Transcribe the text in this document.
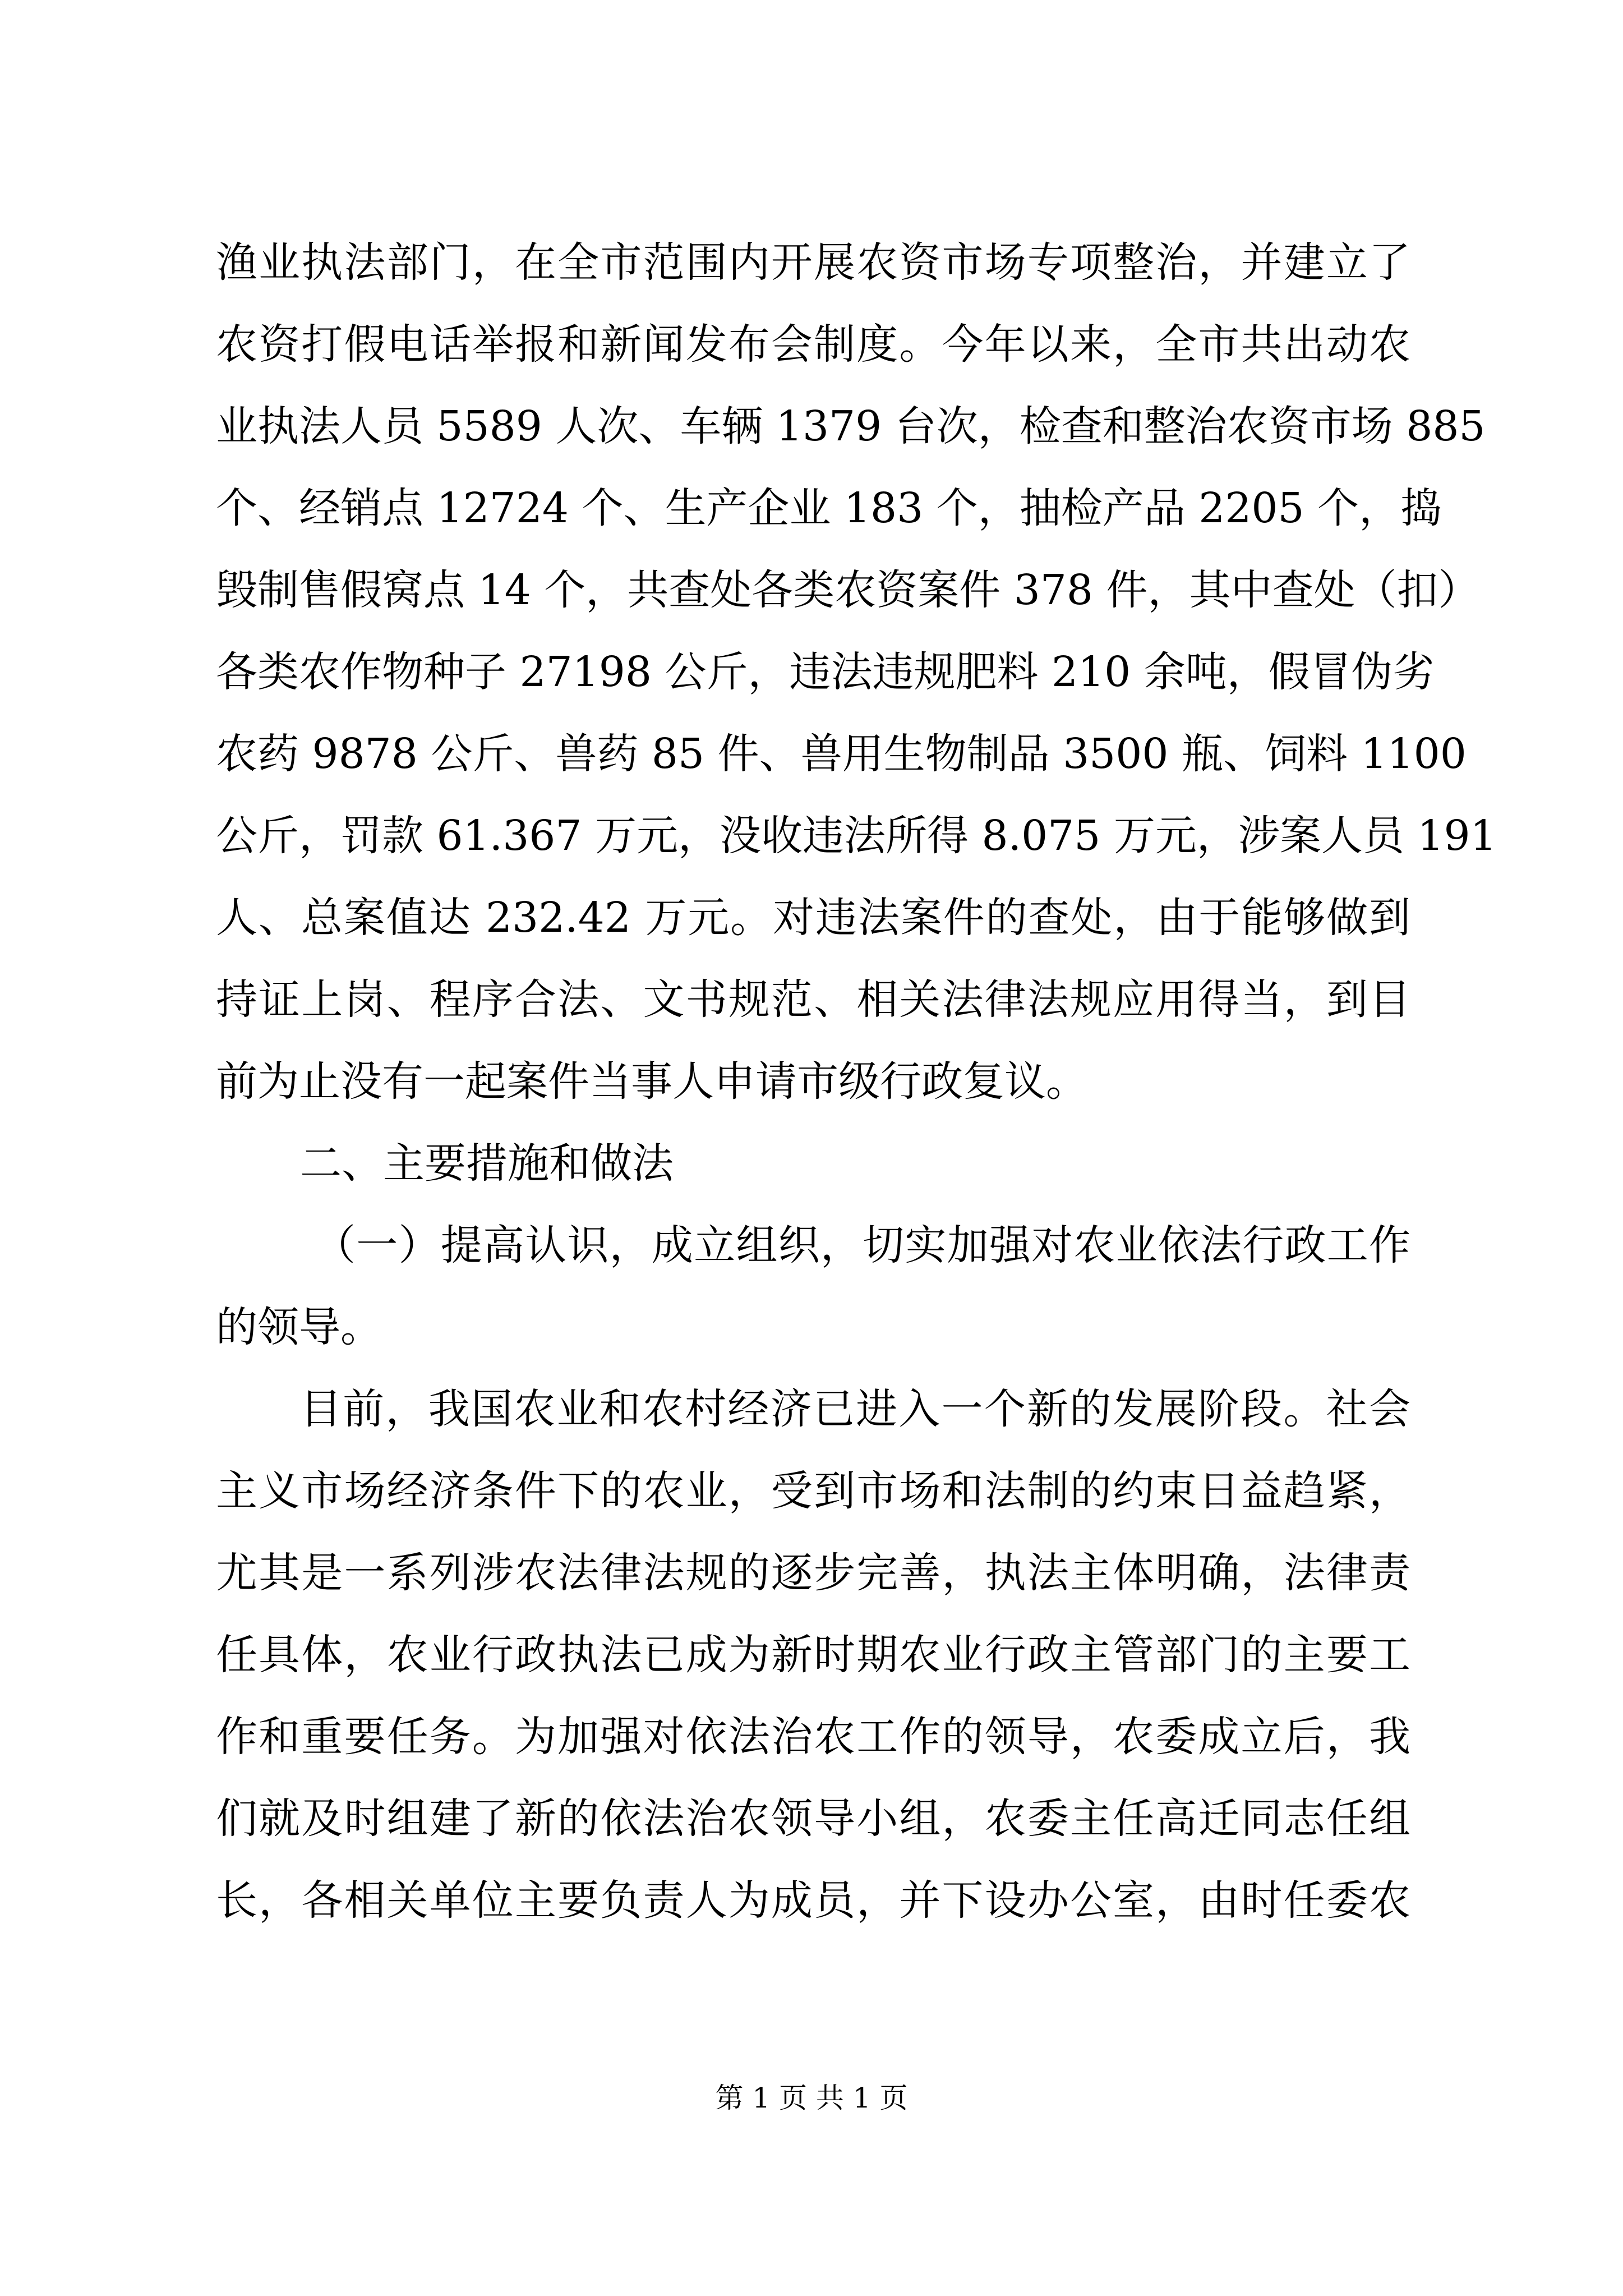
渔业执法部门，在全市范围内开展农资市场专项整治，并建立了
农资打假电话举报和新闻发布会制度。今年以来，全市共出动农
业执法人员 5589 人次、车辆 1379 台次，检查和整治农资市场 885
个、经销点 12724 个、生产企业 183 个，抽检产品 2205 个，捣
毁制售假窝点 14 个，共查处各类农资案件 378 件，其中查处（扣）
各类农作物种子 27198 公斤，违法违规肥料 210 余吨，假冒伪劣
农药 9878 公斤、兽药 85 件、兽用生物制品 3500 瓶、饲料 1100
公斤，罚款 61.367 万元，没收违法所得 8.075 万元，涉案人员 191
人、总案值达 232.42 万元。对违法案件的查处，由于能够做到
持证上岗、程序合法、文书规范、相关法律法规应用得当，到目
前为止没有一起案件当事人申请市级行政复议。
二、主要措施和做法
（一）提高认识，成立组织，切实加强对农业依法行政工作
的领导。
目前，我国农业和农村经济已进入一个新的发展阶段。社会
主义市场经济条件下的农业，受到市场和法制的约束日益趋紧，
尤其是一系列涉农法律法规的逐步完善，执法主体明确，法律责
任具体，农业行政执法已成为新时期农业行政主管部门的主要工
作和重要任务。为加强对依法治农工作的领导，农委成立后，我
们就及时组建了新的依法治农领导小组，农委主任高迁同志任组
长，各相关单位主要负责人为成员，并下设办公室，由时任委农
第 1 页 共 1 页
